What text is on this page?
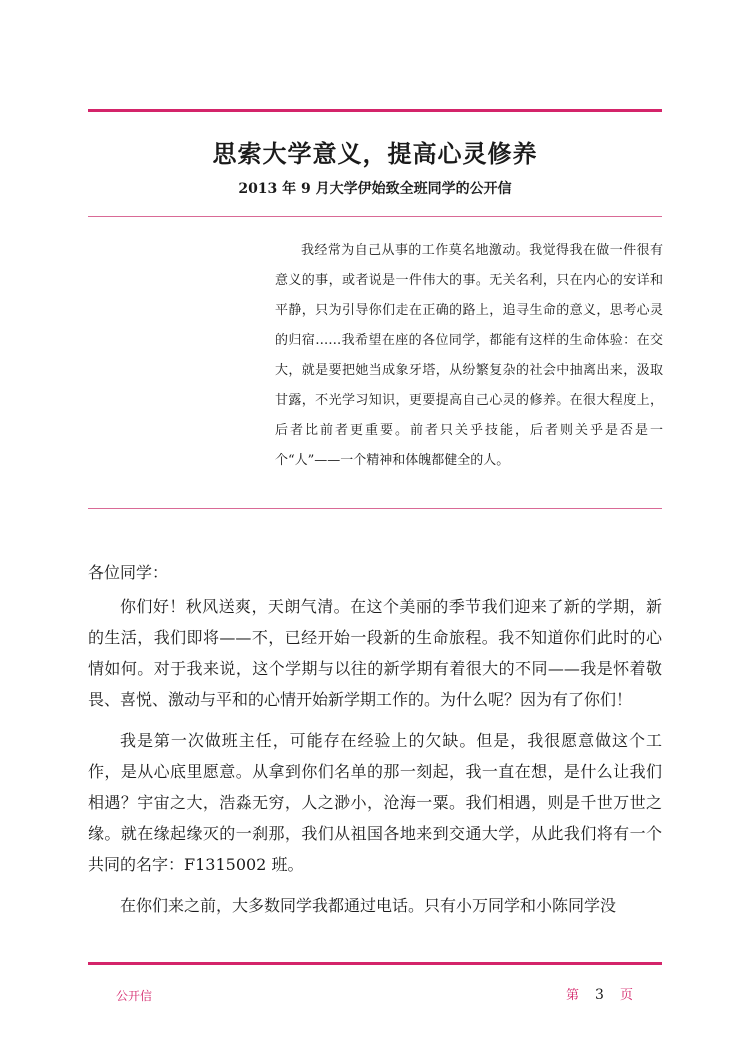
思索大学意义，提高心灵修养
2013 年 9 月大学伊始致全班同学的公开信

我经常为自己从事的工作莫名地激动。我觉得我在做一件很有意义的事，或者说是一件伟大的事。无关名利，只在内心的安详和平静，只为引导你们走在正确的路上，追寻生命的意义，思考心灵的归宿……我希望在座的各位同学，都能有这样的生命体验：在交大，就是要把她当成象牙塔，从纷繁复杂的社会中抽离出来，汲取甘露，不光学习知识，更要提高自己心灵的修养。在很大程度上，后者比前者更重要。前者只关乎技能，后者则关乎是否是一个“人”——一个精神和体魄都健全的人。

各位同学：

你们好！秋风送爽，天朗气清。在这个美丽的季节我们迎来了新的学期，新的生活，我们即将——不，已经开始一段新的生命旅程。我不知道你们此时的心情如何。对于我来说，这个学期与以往的新学期有着很大的不同——我是怀着敬畏、喜悦、激动与平和的心情开始新学期工作的。为什么呢？因为有了你们！

我是第一次做班主任，可能存在经验上的欠缺。但是，我很愿意做这个工作，是从心底里愿意。从拿到你们名单的那一刻起，我一直在想，是什么让我们相遇？宇宙之大，浩淼无穷，人之渺小，沧海一粟。我们相遇，则是千世万世之缘。就在缘起缘灭的一刹那，我们从祖国各地来到交通大学，从此我们将有一个共同的名字：F1315002 班。

在你们来之前，大多数同学我都通过电话。只有小万同学和小陈同学没

公开信	第 3 页
